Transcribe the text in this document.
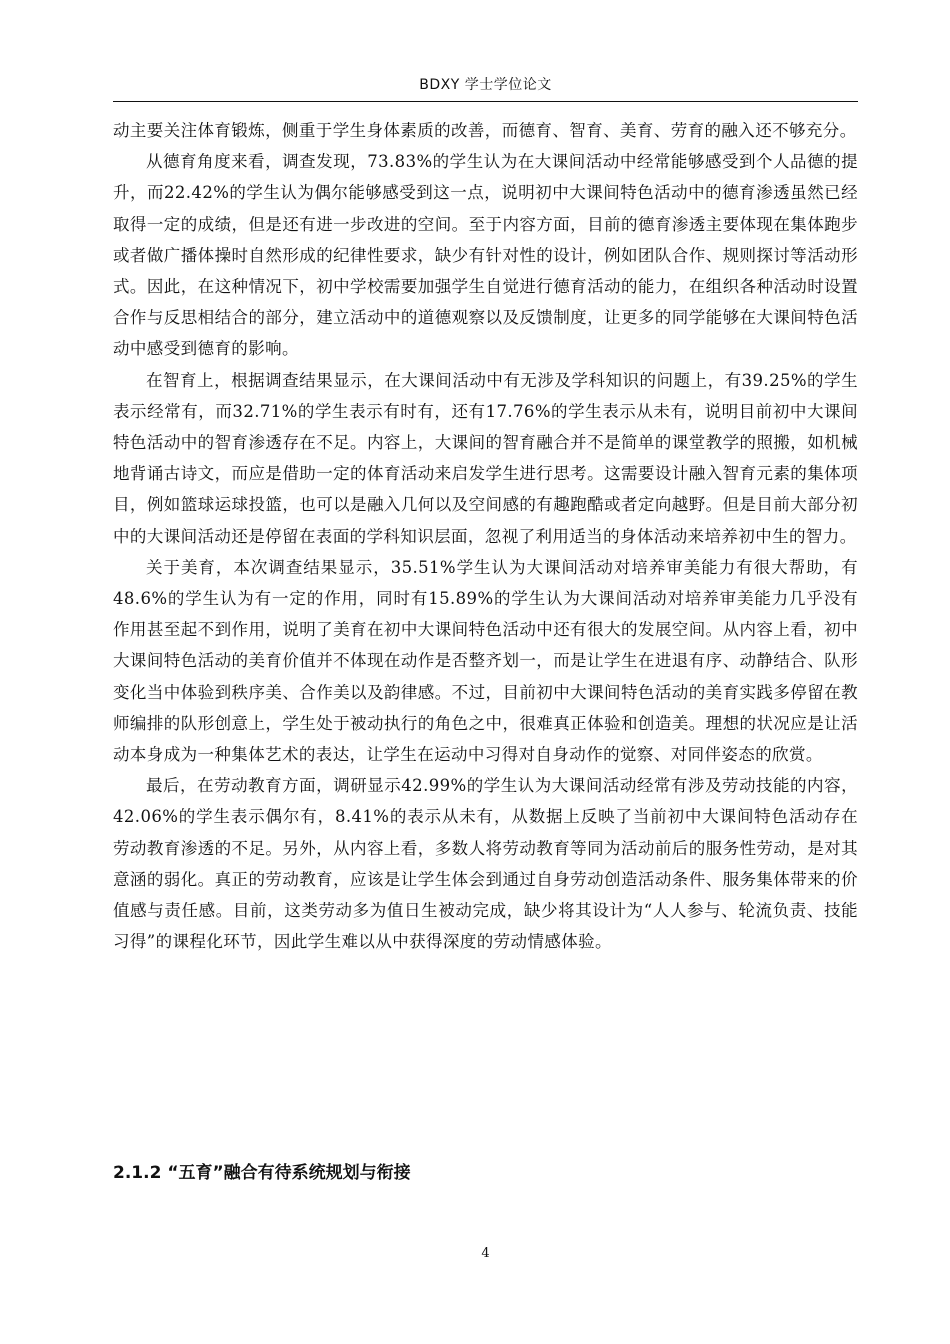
BDXY 学士学位论文

动主要关注体育锻炼，侧重于学生身体素质的改善，而德育、智育、美育、劳育的融入还不够充分。

从德育角度来看，调查发现，73.83%的学生认为在大课间活动中经常能够感受到个人品德的提升，而22.42%的学生认为偶尔能够感受到这一点，说明初中大课间特色活动中的德育渗透虽然已经取得一定的成绩，但是还有进一步改进的空间。至于内容方面，目前的德育渗透主要体现在集体跑步或者做广播体操时自然形成的纪律性要求，缺少有针对性的设计，例如团队合作、规则探讨等活动形式。因此，在这种情况下，初中学校需要加强学生自觉进行德育活动的能力，在组织各种活动时设置合作与反思相结合的部分，建立活动中的道德观察以及反馈制度，让更多的同学能够在大课间特色活动中感受到德育的影响。

在智育上，根据调查结果显示，在大课间活动中有无涉及学科知识的问题上，有39.25%的学生表示经常有，而32.71%的学生表示有时有，还有17.76%的学生表示从未有，说明目前初中大课间特色活动中的智育渗透存在不足。内容上，大课间的智育融合并不是简单的课堂教学的照搬，如机械地背诵古诗文，而应是借助一定的体育活动来启发学生进行思考。这需要设计融入智育元素的集体项目，例如篮球运球投篮，也可以是融入几何以及空间感的有趣跑酷或者定向越野。但是目前大部分初中的大课间活动还是停留在表面的学科知识层面，忽视了利用适当的身体活动来培养初中生的智力。

关于美育，本次调查结果显示，35.51%学生认为大课间活动对培养审美能力有很大帮助，有48.6%的学生认为有一定的作用，同时有15.89%的学生认为大课间活动对培养审美能力几乎没有作用甚至起不到作用，说明了美育在初中大课间特色活动中还有很大的发展空间。从内容上看，初中大课间特色活动的美育价值并不体现在动作是否整齐划一，而是让学生在进退有序、动静结合、队形变化当中体验到秩序美、合作美以及韵律感。不过，目前初中大课间特色活动的美育实践多停留在教师编排的队形创意上，学生处于被动执行的角色之中，很难真正体验和创造美。理想的状况应是让活动本身成为一种集体艺术的表达，让学生在运动中习得对自身动作的觉察、对同伴姿态的欣赏。

最后，在劳动教育方面，调研显示42.99%的学生认为大课间活动经常有涉及劳动技能的内容，42.06%的学生表示偶尔有，8.41%的表示从未有，从数据上反映了当前初中大课间特色活动存在劳动教育渗透的不足。另外，从内容上看，多数人将劳动教育等同为活动前后的服务性劳动，是对其意涵的弱化。真正的劳动教育，应该是让学生体会到通过自身劳动创造活动条件、服务集体带来的价值感与责任感。目前，这类劳动多为值日生被动完成，缺少将其设计为“人人参与、轮流负责、技能习得”的课程化环节，因此学生难以从中获得深度的劳动情感体验。

2.1.2 “五育”融合有待系统规划与衔接
4
